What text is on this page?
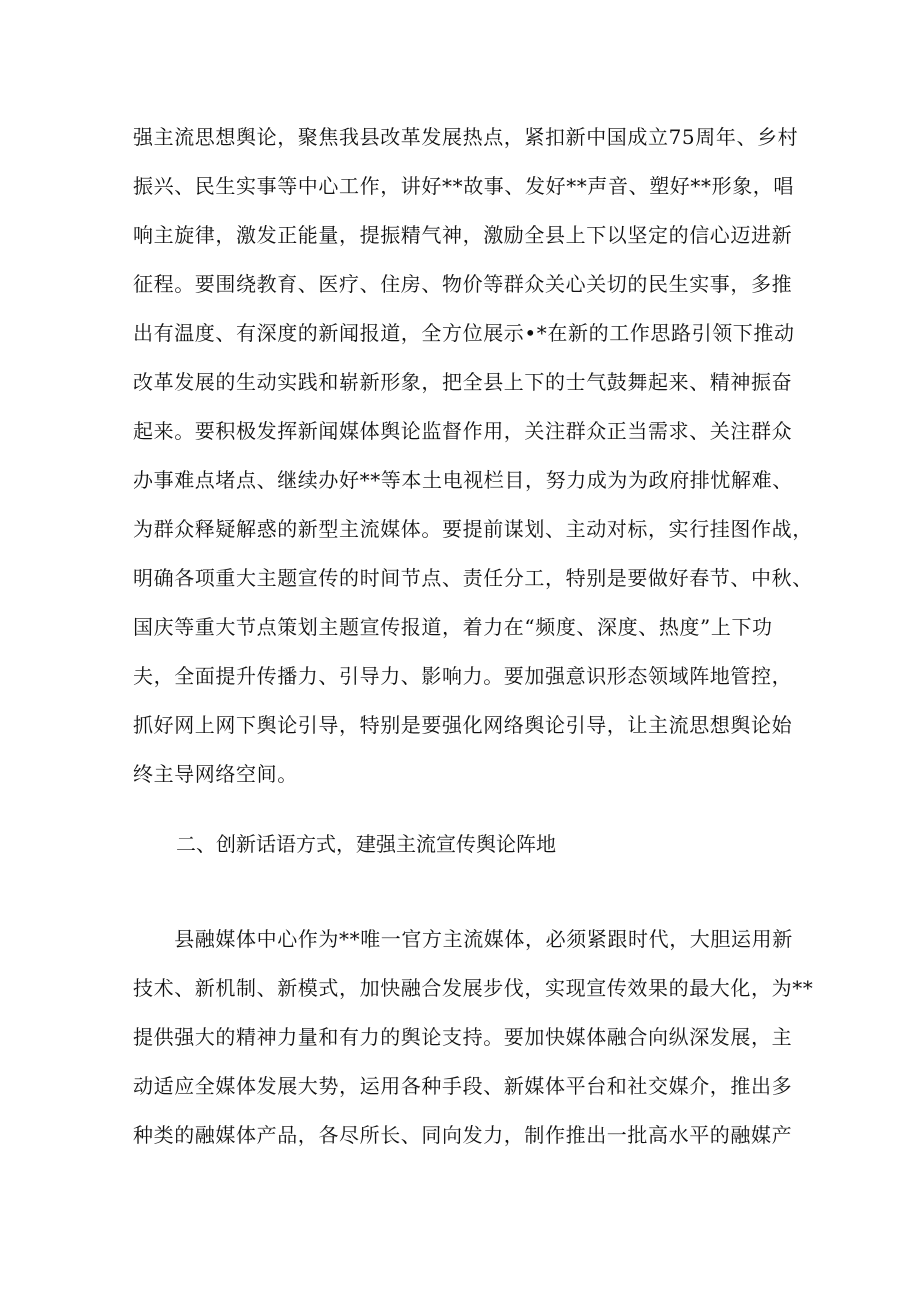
强主流思想舆论，聚焦我县改革发展热点，紧扣新中国成立75周年、乡村
振兴、民生实事等中心工作，讲好**故事、发好**声音、塑好**形象，唱
响主旋律，激发正能量，提振精气神，激励全县上下以坚定的信心迈进新
征程。要围绕教育、医疗、住房、物价等群众关心关切的民生实事，多推
出有温度、有深度的新闻报道，全方位展示•*在新的工作思路引领下推动
改革发展的生动实践和崭新形象，把全县上下的士气鼓舞起来、精神振奋
起来。要积极发挥新闻媒体舆论监督作用，关注群众正当需求、关注群众
办事难点堵点、继续办好**等本土电视栏目，努力成为为政府排忧解难、
为群众释疑解惑的新型主流媒体。要提前谋划、主动对标，实行挂图作战，
明确各项重大主题宣传的时间节点、责任分工，特别是要做好春节、中秋、
国庆等重大节点策划主题宣传报道，着力在“频度、深度、热度”上下功
夫，全面提升传播力、引导力、影响力。要加强意识形态领域阵地管控，
抓好网上网下舆论引导，特别是要强化网络舆论引导，让主流思想舆论始
终主导网络空间。
二、创新话语方式，建强主流宣传舆论阵地
　　县融媒体中心作为**唯一官方主流媒体，必须紧跟时代，大胆运用新
技术、新机制、新模式，加快融合发展步伐，实现宣传效果的最大化，为**
提供强大的精神力量和有力的舆论支持。要加快媒体融合向纵深发展，主
动适应全媒体发展大势，运用各种手段、新媒体平台和社交媒介，推出多
种类的融媒体产品，各尽所长、同向发力，制作推出一批高水平的融媒产
